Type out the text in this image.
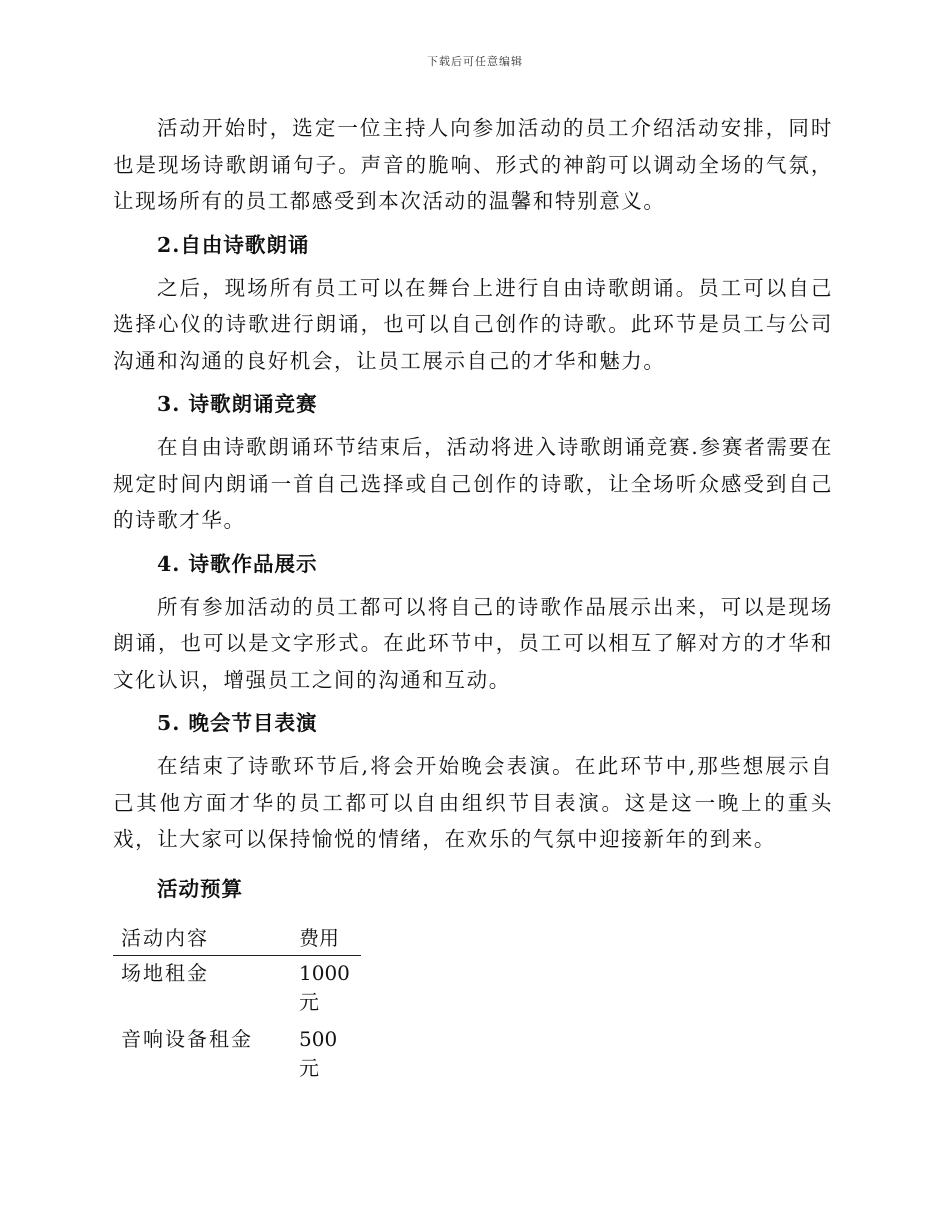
下载后可任意编辑

活动开始时，选定一位主持人向参加活动的员工介绍活动安排，同时也是现场诗歌朗诵句子。声音的脆响、形式的神韵可以调动全场的气氛，让现场所有的员工都感受到本次活动的温馨和特别意义。

2.自由诗歌朗诵

之后，现场所有员工可以在舞台上进行自由诗歌朗诵。员工可以自己选择心仪的诗歌进行朗诵，也可以自己创作的诗歌。此环节是员工与公司沟通和沟通的良好机会，让员工展示自己的才华和魅力。

3. 诗歌朗诵竞赛

在自由诗歌朗诵环节结束后，活动将进入诗歌朗诵竞赛.参赛者需要在规定时间内朗诵一首自己选择或自己创作的诗歌，让全场听众感受到自己的诗歌才华。

4. 诗歌作品展示

所有参加活动的员工都可以将自己的诗歌作品展示出来，可以是现场朗诵，也可以是文字形式。在此环节中，员工可以相互了解对方的才华和文化认识，增强员工之间的沟通和互动。

5. 晚会节目表演

在结束了诗歌环节后,将会开始晚会表演。在此环节中,那些想展示自己其他方面才华的员工都可以自由组织节目表演。这是这一晚上的重头戏，让大家可以保持愉悦的情绪，在欢乐的气氛中迎接新年的到来。

活动预算

活动内容	费用
场地租金	1000 元
音响设备租金	500 元
